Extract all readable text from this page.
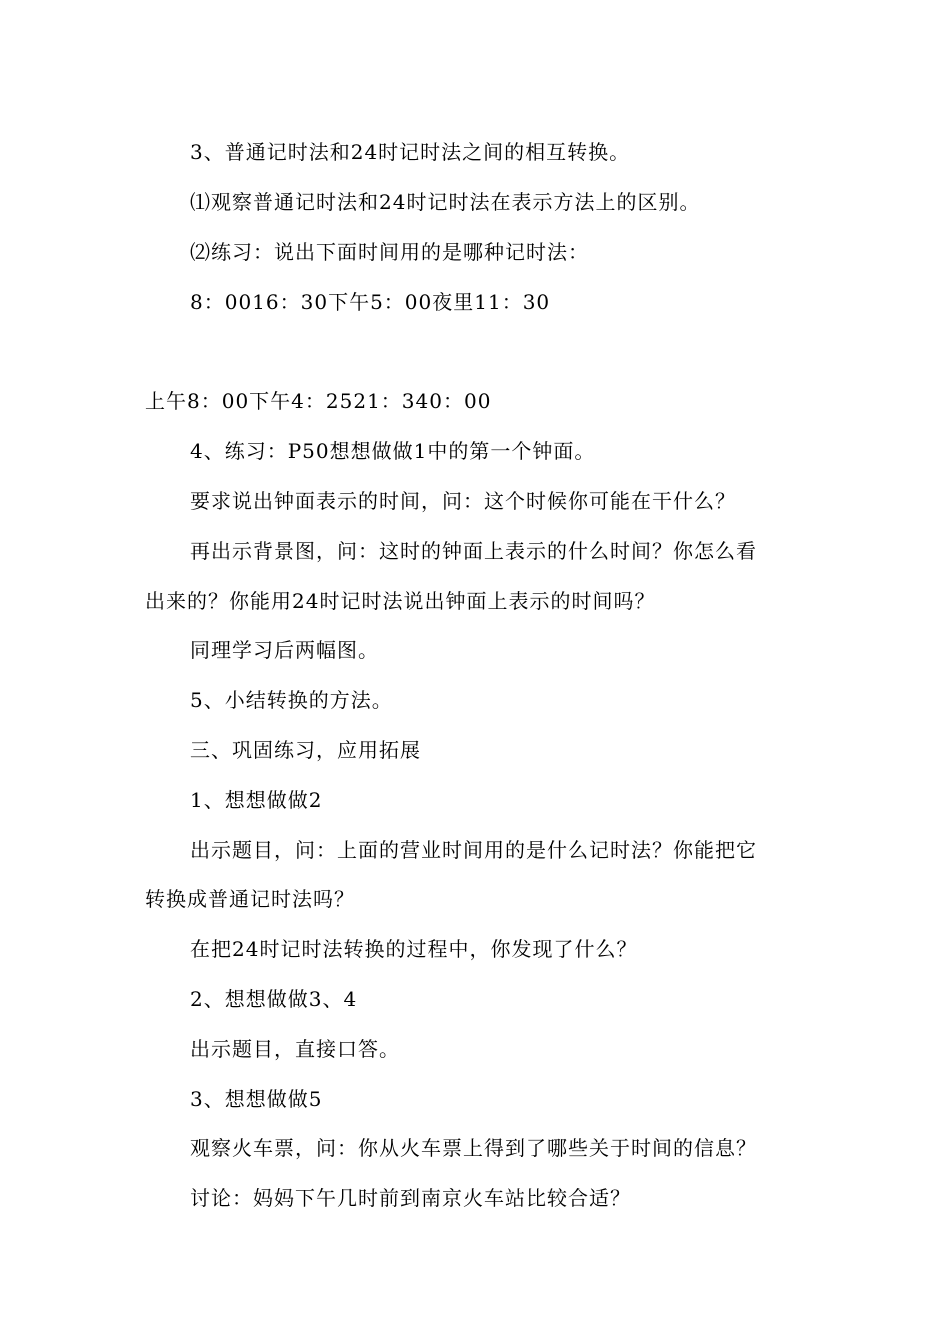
3、普通记时法和24时记时法之间的相互转换。
⑴观察普通记时法和24时记时法在表示方法上的区别。
⑵练习：说出下面时间用的是哪种记时法：
8：0016：30下午5：00夜里11：30
上午8：00下午4：2521：340：00
4、练习：P50想想做做1中的第一个钟面。
要求说出钟面表示的时间，问：这个时候你可能在干什么？
再出示背景图，问：这时的钟面上表示的什么时间？你怎么看
出来的？你能用24时记时法说出钟面上表示的时间吗？
同理学习后两幅图。
5、小结转换的方法。
三、巩固练习，应用拓展
1、想想做做2
出示题目，问：上面的营业时间用的是什么记时法？你能把它
转换成普通记时法吗？
在把24时记时法转换的过程中，你发现了什么？
2、想想做做3、4
出示题目，直接口答。
3、想想做做5
观察火车票，问：你从火车票上得到了哪些关于时间的信息？
讨论：妈妈下午几时前到南京火车站比较合适？
